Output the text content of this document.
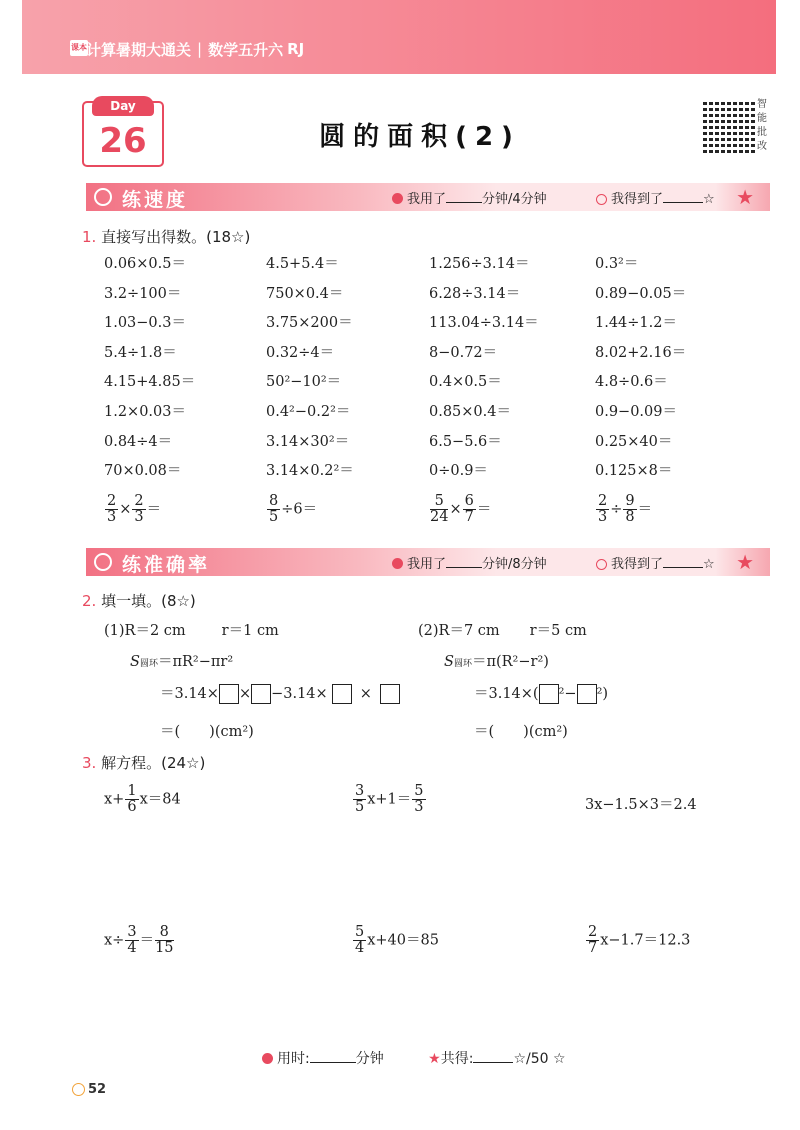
课本 计算暑期大通关 | 数学五升六 RJ
Day
26	圆的面积(2)
智能批改
练速度	我用了	分钟/4分钟	我得到了	☆ ★
1. 直接写出得数。(18☆)
0.06×0.5＝	4.5+5.4＝	1.256÷3.14＝	0.3²＝
3.2÷100＝	750×0.4＝	6.28÷3.14＝	0.89−0.05＝
1.03−0.3＝	3.75×200＝	113.04÷3.14＝	1.44÷1.2＝
5.4÷1.8＝	0.32÷4＝	8−0.72＝	8.02+2.16＝
4.15+4.85＝	50²−10²＝	0.4×0.5＝	4.8÷0.6＝
1.2×0.03＝	0.4²−0.2²＝	0.85×0.4＝	0.9−0.09＝
0.84÷4＝	3.14×30²＝	6.5−5.6＝	0.25×40＝
70×0.08＝	3.14×0.2²＝	0÷0.9＝	0.125×8＝
$\frac{2}{3} \times \frac{2}{3}$ ＝	$\frac{8}{5} \div 6=$	$\frac{5}{24} \times \frac{6}{7}$ ＝	$\frac{2}{3} \div \frac{9}{8}$ ＝
练准确率	我用了	分钟/8分钟	我得到了	☆ ★
2. 填一填。(8☆)
(1)R＝2 cm r＝1 cm
S圆环＝πR²−πr²
＝3.14× × −3.14× ×
＝(　　)(cm²)
(2)R＝7 cm r＝5 cm
S圆环＝π(R²−r²)
＝3.14×( ²− ²)
＝(　　)(cm²)
3. 解方程。(24☆)
$x+ \frac{1}{6} x=84$	$\frac{3}{5} x+1= \frac{5}{3}$	3x−1.5×3＝2.4
$x\div \frac{3}{4} = \frac{8}{15}$	$\frac{5}{4} x+40=85$	$\frac{2}{7} x-1.7=12.3$
用时:	分钟	★共得:	☆/50 ☆
52
